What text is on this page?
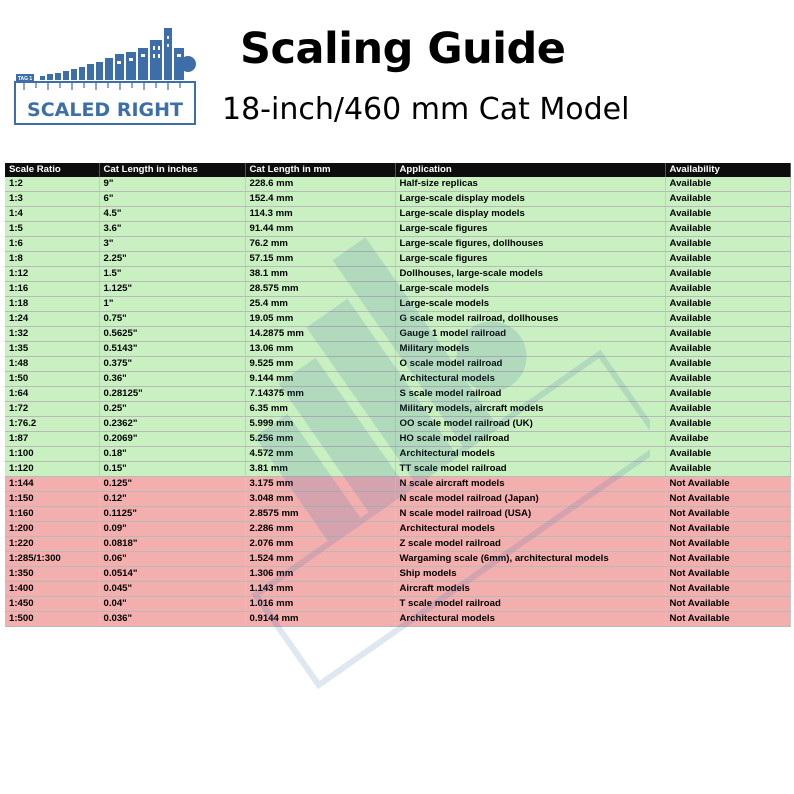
TAG 1
SCALED RIGHT
Scaling Guide
18-inch/460 mm Cat Model
Scale Ratio	Cat Length in inches	Cat Length in mm	Application	Availability
1:2	9"	228.6 mm	Half-size replicas	Available
1:3	6"	152.4 mm	Large-scale display models	Available
1:4	4.5"	114.3 mm	Large-scale display models	Available
1:5	3.6"	91.44 mm	Large-scale figures	Available
1:6	3"	76.2 mm	Large-scale figures, dollhouses	Available
1:8	2.25"	57.15 mm	Large-scale figures	Available
1:12	1.5"	38.1 mm	Dollhouses, large-scale models	Available
1:16	1.125"	28.575 mm	Large-scale models	Available
1:18	1"	25.4 mm	Large-scale models	Available
1:24	0.75"	19.05 mm	G scale model railroad, dollhouses	Available
1:32	0.5625"	14.2875 mm	Gauge 1 model railroad	Available
1:35	0.5143"	13.06 mm	Military models	Available
1:48	0.375"	9.525 mm	O scale model railroad	Available
1:50	0.36"	9.144 mm	Architectural models	Available
1:64	0.28125"	7.14375 mm	S scale model railroad	Available
1:72	0.25"	6.35 mm	Military models, aircraft models	Available
1:76.2	0.2362"	5.999 mm	OO scale model railroad (UK)	Available
1:87	0.2069"	5.256 mm	HO scale model railroad	Availabe
1:100	0.18"	4.572 mm	Architectural models	Available
1:120	0.15"	3.81 mm	TT scale model railroad	Available
1:144	0.125"	3.175 mm	N scale aircraft models	Not Available
1:150	0.12"	3.048 mm	N scale model railroad (Japan)	Not Available
1:160	0.1125"	2.8575 mm	N scale model railroad (USA)	Not Available
1:200	0.09"	2.286 mm	Architectural models	Not Available
1:220	0.0818"	2.076 mm	Z scale model railroad	Not Available
1:285/1:300	0.06"	1.524 mm	Wargaming scale (6mm), architectural models	Not Available
1:350	0.0514"	1.306 mm	Ship models	Not Available
1:400	0.045"	1.143 mm	Aircraft models	Not Available
1:450	0.04"	1.016 mm	T scale model railroad	Not Available
1:500	0.036"	0.9144 mm	Architectural models	Not Available
